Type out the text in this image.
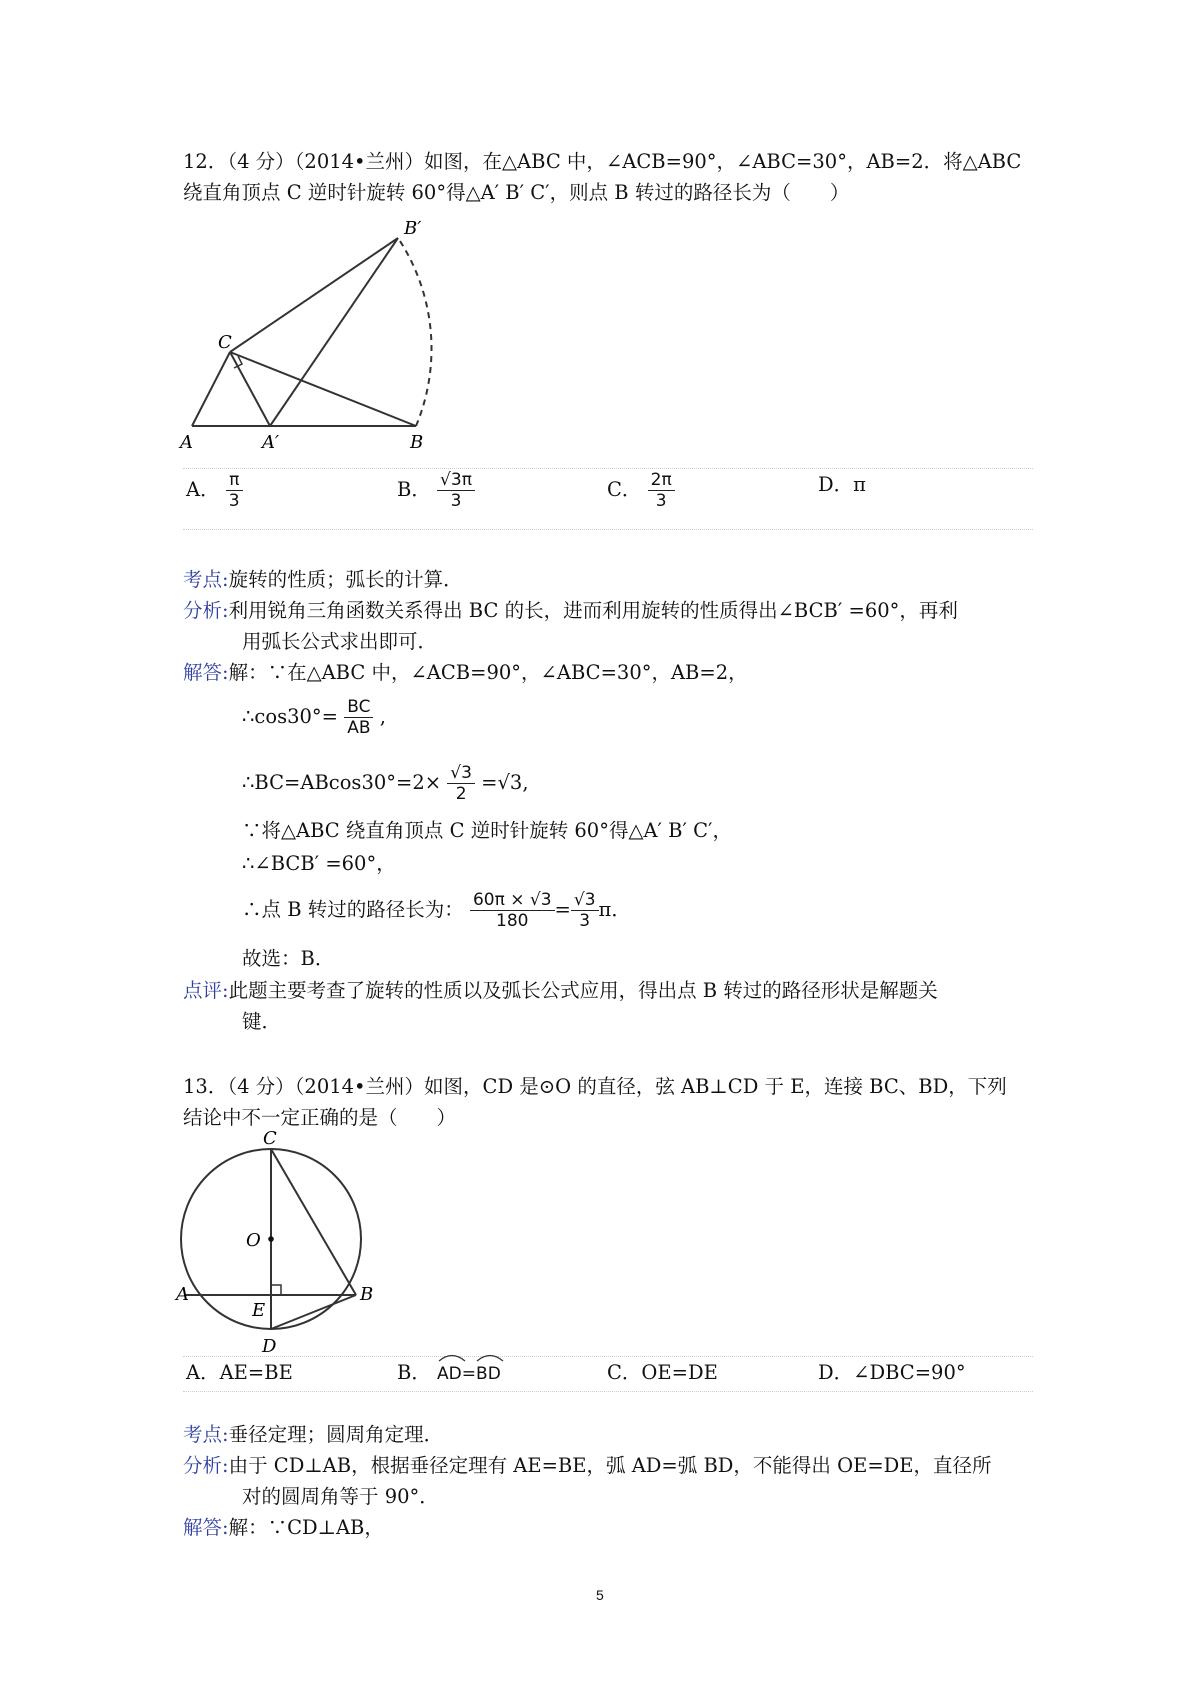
12．（4 分）（2014•兰州）如图，在△ABC 中，∠ACB=90°，∠ABC=30°，AB=2．将△ABC
绕直角顶点 C 逆时针旋转 60°得△A′ B′ C′，则点 B 转过的路径长为（　　）
B′
C
A	A′	B
A． $\frac{\pi}{3}$	B． $\frac{√3\pi}{3}$	C． $\frac{2\pi}{3}$	D．π
考点:旋转的性质；弧长的计算．
分析:利用锐角三角函数关系得出 BC 的长，进而利用旋转的性质得出∠BCB′ =60°，再利
用弧长公式求出即可．
解答:解：∵在△ABC 中，∠ACB=90°，∠ABC=30°，AB=2，
∴cos30°= $\frac{BC}{AB}$ ,
∴BC=ABcos30°=2× $\frac{√3}{2} =√3$,
∵将△ABC 绕直角顶点 C 逆时针旋转 60°得△A′ B′ C′，
∴∠BCB′ =60°，
∴点 B 转过的路径长为： $\frac{60\pi \times √3}{180} = \frac{√3}{3}$ π．
故选：B．
点评:此题主要考查了旋转的性质以及弧长公式应用，得出点 B 转过的路径形状是解题关
键．
13．（4 分）（2014•兰州）如图，CD 是⊙O 的直径，弦 AB⊥CD 于 E，连接 BC、BD，下列
结论中不一定正确的是（　　）
C
O
A
E
B
D
A．AE=BE	B． AD=BD	C．OE=DE	D．∠DBC=90°
考点:垂径定理；圆周角定理．
分析:由于 CD⊥AB，根据垂径定理有 AE=BE，弧 AD=弧 BD，不能得出 OE=DE，直径所
对的圆周角等于 90°．
解答:解：∵CD⊥AB，
5
